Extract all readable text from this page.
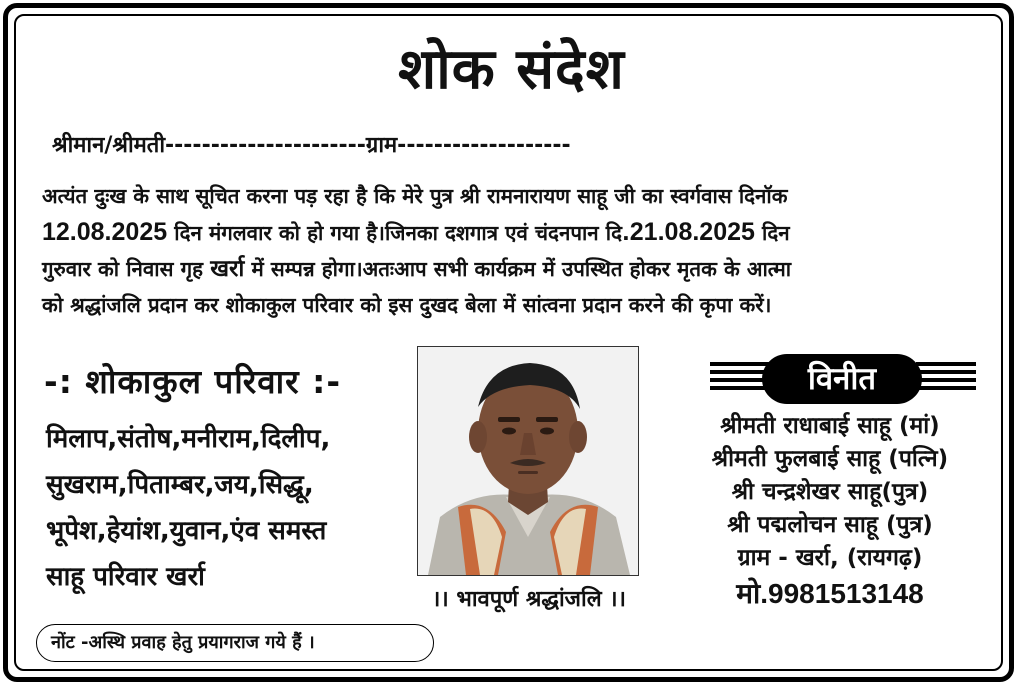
शोक संदेश
श्रीमान/श्रीमती----------------------ग्राम-------------------
अत्यंत दुःख के साथ सूचित करना पड़ रहा है कि मेरे पुत्र श्री रामनारायण साहू जी का स्वर्गवास दिनॉक
12.08.2025 दिन मंगलवार को हो गया है।जिनका दशगात्र एवं चंदनपान दि.21.08.2025 दिन
गुरुवार को निवास गृह खर्रा में सम्पन्न होगा।अतःआप सभी कार्यक्रम में उपस्थित होकर मृतक के आत्मा
को श्रद्धांजलि प्रदान कर शोकाकुल परिवार को इस दुखद बेला में सांत्वना प्रदान करने की कृपा करें।
-: शोकाकुल परिवार :-
मिलाप,संतोष,मनीराम,दिलीप,
सुखराम,पिताम्बर,जय,सिद्धू,
भूपेश,हेयांश,युवान,एंव समस्त
साहू परिवार खर्रा
।। भावपूर्ण श्रद्धांजलि ।।
विनीत
श्रीमती राधाबाई साहू (मां)
श्रीमती फुलबाई साहू (पत्नि)
श्री चन्द्रशेखर साहू(पुत्र)
श्री पद्मलोचन साहू (पुत्र)
ग्राम - खर्रा, (रायगढ़)
मो.9981513148
नोंट -अस्थि प्रवाह हेतु प्रयागराज गये हैं ।
